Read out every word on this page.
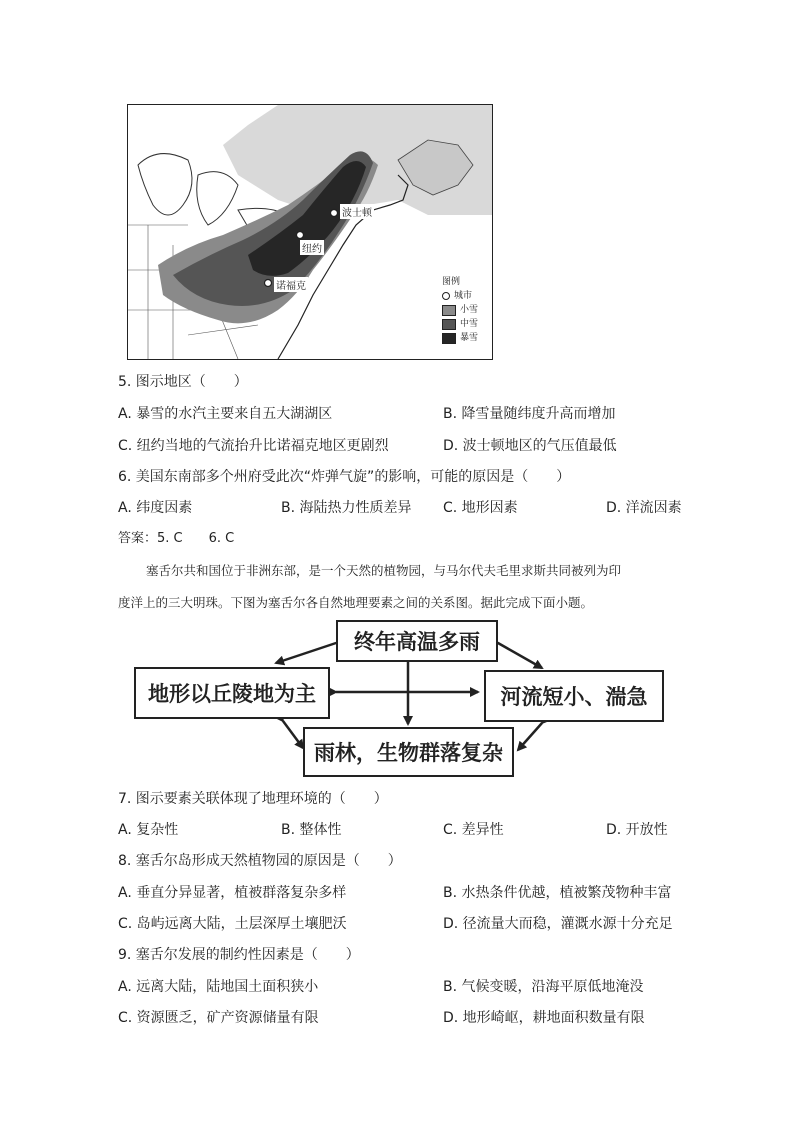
波士顿
纽约
诺福克	图例
城市
小雪
中雪
暴雪
5. 图示地区（　　）
A. 暴雪的水汽主要来自五大湖湖区	B. 降雪量随纬度升高而增加
C. 纽约当地的气流抬升比诺福克地区更剧烈	D. 波士顿地区的气压值最低
6. 美国东南部多个州府受此次“炸弹气旋”的影响，可能的原因是（　　）
A. 纬度因素	B. 海陆热力性质差异 C. 地形因素	D. 洋流因素
答案：5. C　　6. C
塞舌尔共和国位于非洲东部，是一个天然的植物园，与马尔代夫毛里求斯共同被列为印
度洋上的三大明珠。下图为塞舌尔各自然地理要素之间的关系图。据此完成下面小题。
终年高温多雨
地形以丘陵地为主	河流短小、湍急
雨林，生物群落复杂
7. 图示要素关联体现了地理环境的（　　）
A. 复杂性	B. 整体性	C. 差异性	D. 开放性
8. 塞舌尔岛形成天然植物园的原因是（　　）
A. 垂直分异显著，植被群落复杂多样	B. 水热条件优越，植被繁茂物种丰富
C. 岛屿远离大陆，土层深厚土壤肥沃	D. 径流量大而稳，灌溉水源十分充足
9. 塞舌尔发展的制约性因素是（　　）
A. 远离大陆，陆地国土面积狭小	B. 气候变暖，沿海平原低地淹没
C. 资源匮乏，矿产资源储量有限	D. 地形崎岖，耕地面积数量有限
